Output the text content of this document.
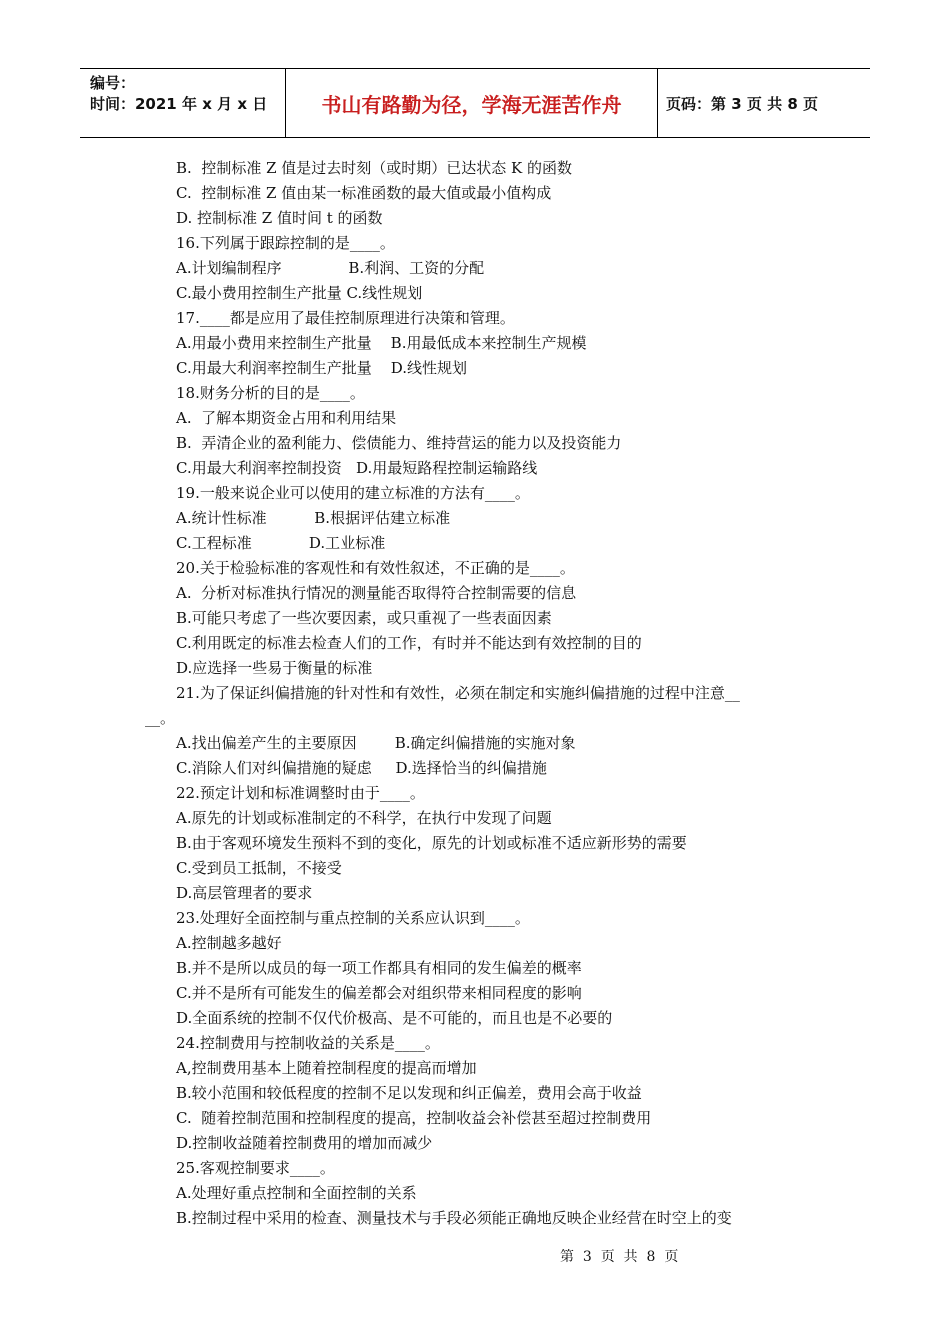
编号：
时间：2021 年 x 月 x 日	书山有路勤为径，学海无涯苦作舟	页码：第 3 页 共 8 页
B.  控制标准 Z 值是过去时刻（或时期）已达状态 K 的函数
C.  控制标准 Z 值由某一标准函数的最大值或最小值构成
D. 控制标准 Z 值时间 t 的函数
16.下列属于跟踪控制的是____。
A.计划编制程序              B.利润、工资的分配
C.最小费用控制生产批量 C.线性规划
17.____都是应用了最佳控制原理进行决策和管理。
A.用最小费用来控制生产批量    B.用最低成本来控制生产规模
C.用最大利润率控制生产批量    D.线性规划
18.财务分析的目的是____。
A.  了解本期资金占用和利用结果
B.  弄清企业的盈利能力、偿债能力、维持营运的能力以及投资能力
C.用最大利润率控制投资   D.用最短路程控制运输路线
19.一般来说企业可以使用的建立标准的方法有____。
A.统计性标准          B.根据评估建立标准
C.工程标准            D.工业标准
20.关于检验标准的客观性和有效性叙述，不正确的是____。
A.  分析对标准执行情况的测量能否取得符合控制需要的信息
B.可能只考虑了一些次要因素，或只重视了一些表面因素
C.利用既定的标准去检查人们的工作，有时并不能达到有效控制的目的
D.应选择一些易于衡量的标准
21.为了保证纠偏措施的针对性和有效性，必须在制定和实施纠偏措施的过程中注意__
__。
A.找出偏差产生的主要原因        B.确定纠偏措施的实施对象
C.消除人们对纠偏措施的疑虑     D.选择恰当的纠偏措施
22.预定计划和标准调整时由于____。
A.原先的计划或标准制定的不科学，在执行中发现了问题
B.由于客观环境发生预料不到的变化，原先的计划或标准不适应新形势的需要
C.受到员工抵制，不接受
D.高层管理者的要求
23.处理好全面控制与重点控制的关系应认识到____。
A.控制越多越好
B.并不是所以成员的每一项工作都具有相同的发生偏差的概率
C.并不是所有可能发生的偏差都会对组织带来相同程度的影响
D.全面系统的控制不仅代价极高、是不可能的，而且也是不必要的
24.控制费用与控制收益的关系是____。
A,控制费用基本上随着控制程度的提高而增加
B.较小范围和较低程度的控制不足以发现和纠正偏差，费用会高于收益
C.  随着控制范围和控制程度的提高，控制收益会补偿甚至超过控制费用
D.控制收益随着控制费用的增加而减少
25.客观控制要求____。
A.处理好重点控制和全面控制的关系
B.控制过程中采用的检查、测量技术与手段必须能正确地反映企业经营在时空上的变
第  3  页  共  8  页
